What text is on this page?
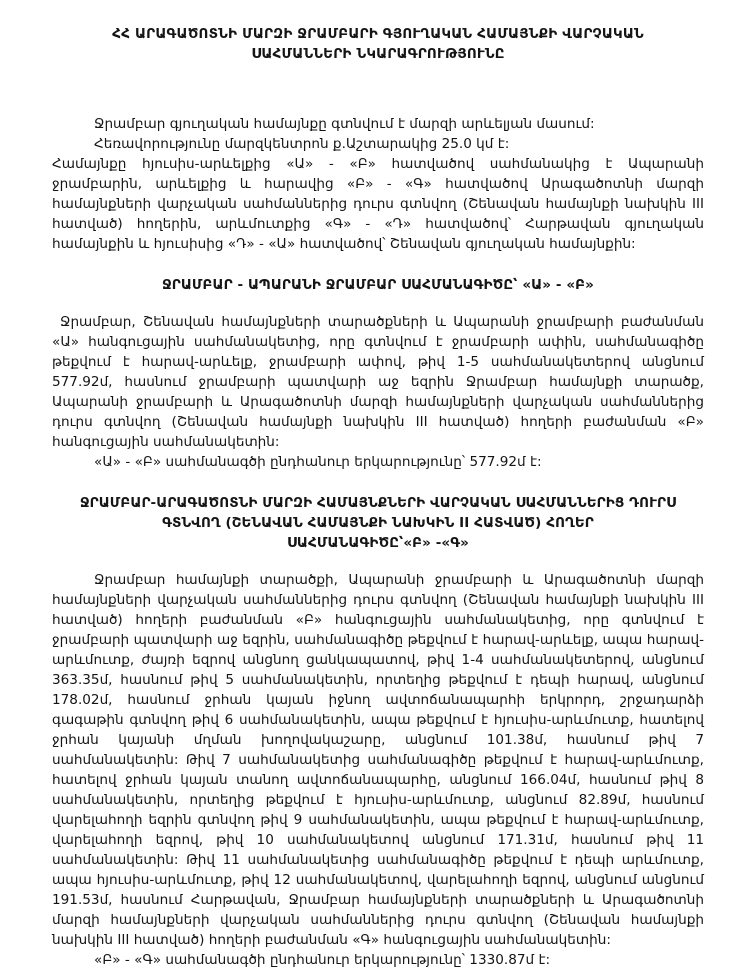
ՀՀ ԱՐԱԳԱԾՈՏՆԻ ՄԱՐԶԻ ՋՐԱՄԲԱՐԻ ԳՅՈՒՂԱԿԱՆ ՀԱՄԱՅՆՔԻ ՎԱՐՉԱԿԱՆ ՍԱՀՄԱՆՆԵՐԻ ՆԿԱՐԱԳՐՈՒԹՅՈՒՆԸ

Ջրամբար գյուղական համայնքը գտնվում է մարզի արևելյան մասում:

Հեռավորությունը մարզկենտրոն ք.Աշտարակից 25.0 կմ է:

Համայնքը հյուսիս-արևելքից «Ա» - «Բ» հատվածով սահմանակից է Ապարանի ջրամբարին, արևելքից և հարավից «Բ» - «Գ» հատվածով Արագածոտնի մարզի համայնքների վարչական սահմաններից դուրս գտնվող (Շենավան համայնքի նախկին III հատված) հողերին, արևմուտքից «Գ» - «Դ» հատվածով՝ Հարթավան գյուղական համայնքին և հյուսիսից «Դ» - «Ա» հատվածով՝ Շենավան գյուղական համայնքին:

ՋՐԱՄԲԱՐ - ԱՊԱՐԱՆԻ ՋՐԱՄԲԱՐ ՍԱՀՄԱՆԱԳԻԾԸ՝ «Ա» - «Բ»

Ջրամբար, Շենավան համայնքների տարածքների և Ապարանի ջրամբարի բաժանման «Ա» հանգուցային սահմանակետից, որը գտնվում է ջրամբարի ափին, սահմանագիծը թեքվում է հարավ-արևելք, ջրամբարի ափով, թիվ 1-5 սահմանակետերով անցնում 577.92մ, հասնում ջրամբարի պատվարի աջ եզրին Ջրամբար համայնքի տարածք, Ապարանի ջրամբարի և Արագածոտնի մարզի համայնքների վարչական սահմաններից դուրս գտնվող (Շենավան համայնքի նախկին III հատված) հողերի բաժանման «Բ» հանգուցային սահմանակետին:

«Ա» - «Բ» սահմանագծի ընդհանուր երկարությունը՝ 577.92մ է:

ՋՐԱՄԲԱՐ-ԱՐԱԳԱԾՈՏՆԻ ՄԱՐԶԻ ՀԱՄԱՅՆՔՆԵՐԻ ՎԱՐՉԱԿԱՆ ՍԱՀՄԱՆՆԵՐԻՑ ԴՈՒՐՍ
ԳՏՆՎՈՂ (ՇԵՆԱՎԱՆ ՀԱՄԱՅՆՔԻ ՆԱԽԿԻՆ II ՀԱՏՎԱԾ) ՀՈՂԵՐ
ՍԱՀՄԱՆԱԳԻԾԸ՝«Բ» -«Գ»

Ջրամբար համայնքի տարածքի, Ապարանի ջրամբարի և Արագածոտնի մարզի համայնքների վարչական սահմաններից դուրս գտնվող (Շենավան համայնքի նախկին III հատված) հողերի բաժանման «Բ» հանգուցային սահմանակետից, որը գտնվում է ջրամբարի պատվարի աջ եզրին, սահմանագիծը թեքվում է հարավ-արևելք, ապա հարավ-արևմուտք, ժայռի եզրով անցնող ցանկապատով, թիվ 1-4 սահմանակետերով, անցնում 363.35մ, հասնում թիվ 5 սահմանակետին, որտեղից թեքվում է դեպի հարավ, անցնում 178.02մ, հասնում ջրհան կայան իջնող ավտոճանապարհի երկրորդ, շրջադարձի գագաթին գտնվող թիվ 6 սահմանակետին, ապա թեքվում է հյուսիս-արևմուտք, հատելով ջրհան կայանի մղման խողովակաշարը, անցնում 101.38մ, հասնում թիվ 7 սահմանակետին: Թիվ 7 սահմանակետից սահմանագիծը թեքվում է հարավ-արևմուտք, հատելով ջրհան կայան տանող ավտոճանապարհը, անցնում 166.04մ, հասնում թիվ 8 սահմանակետին, որտեղից թեքվում է հյուսիս-արևմուտք, անցնում 82.89մ, հասնում վարելահողի եզրին գտնվող թիվ 9 սահմանակետին, ապա թեքվում է հարավ-արևմուտք, վարելահողի եզրով, թիվ 10 սահմանակետով անցնում 171.31մ, հասնում թիվ 11 սահմանակետին: Թիվ 11 սահմանակետից սահմանագիծը թեքվում է դեպի արևմուտք, ապա հյուսիս-արևմուտք, թիվ 12 սահմանակետով, վարելահողի եզրով, անցնում անցնում 191.53մ, հասնում Հարթավան, Ջրամբար համայնքների տարածքների և Արագածոտնի մարզի համայնքների վարչական սահմաններից դուրս գտնվող (Շենավան համայնքի նախկին III հատված) հողերի բաժանման «Գ» հանգուցային սահմանակետին:

«Բ» - «Գ» սահմանագծի ընդհանուր երկարությունը՝ 1330.87մ է:
